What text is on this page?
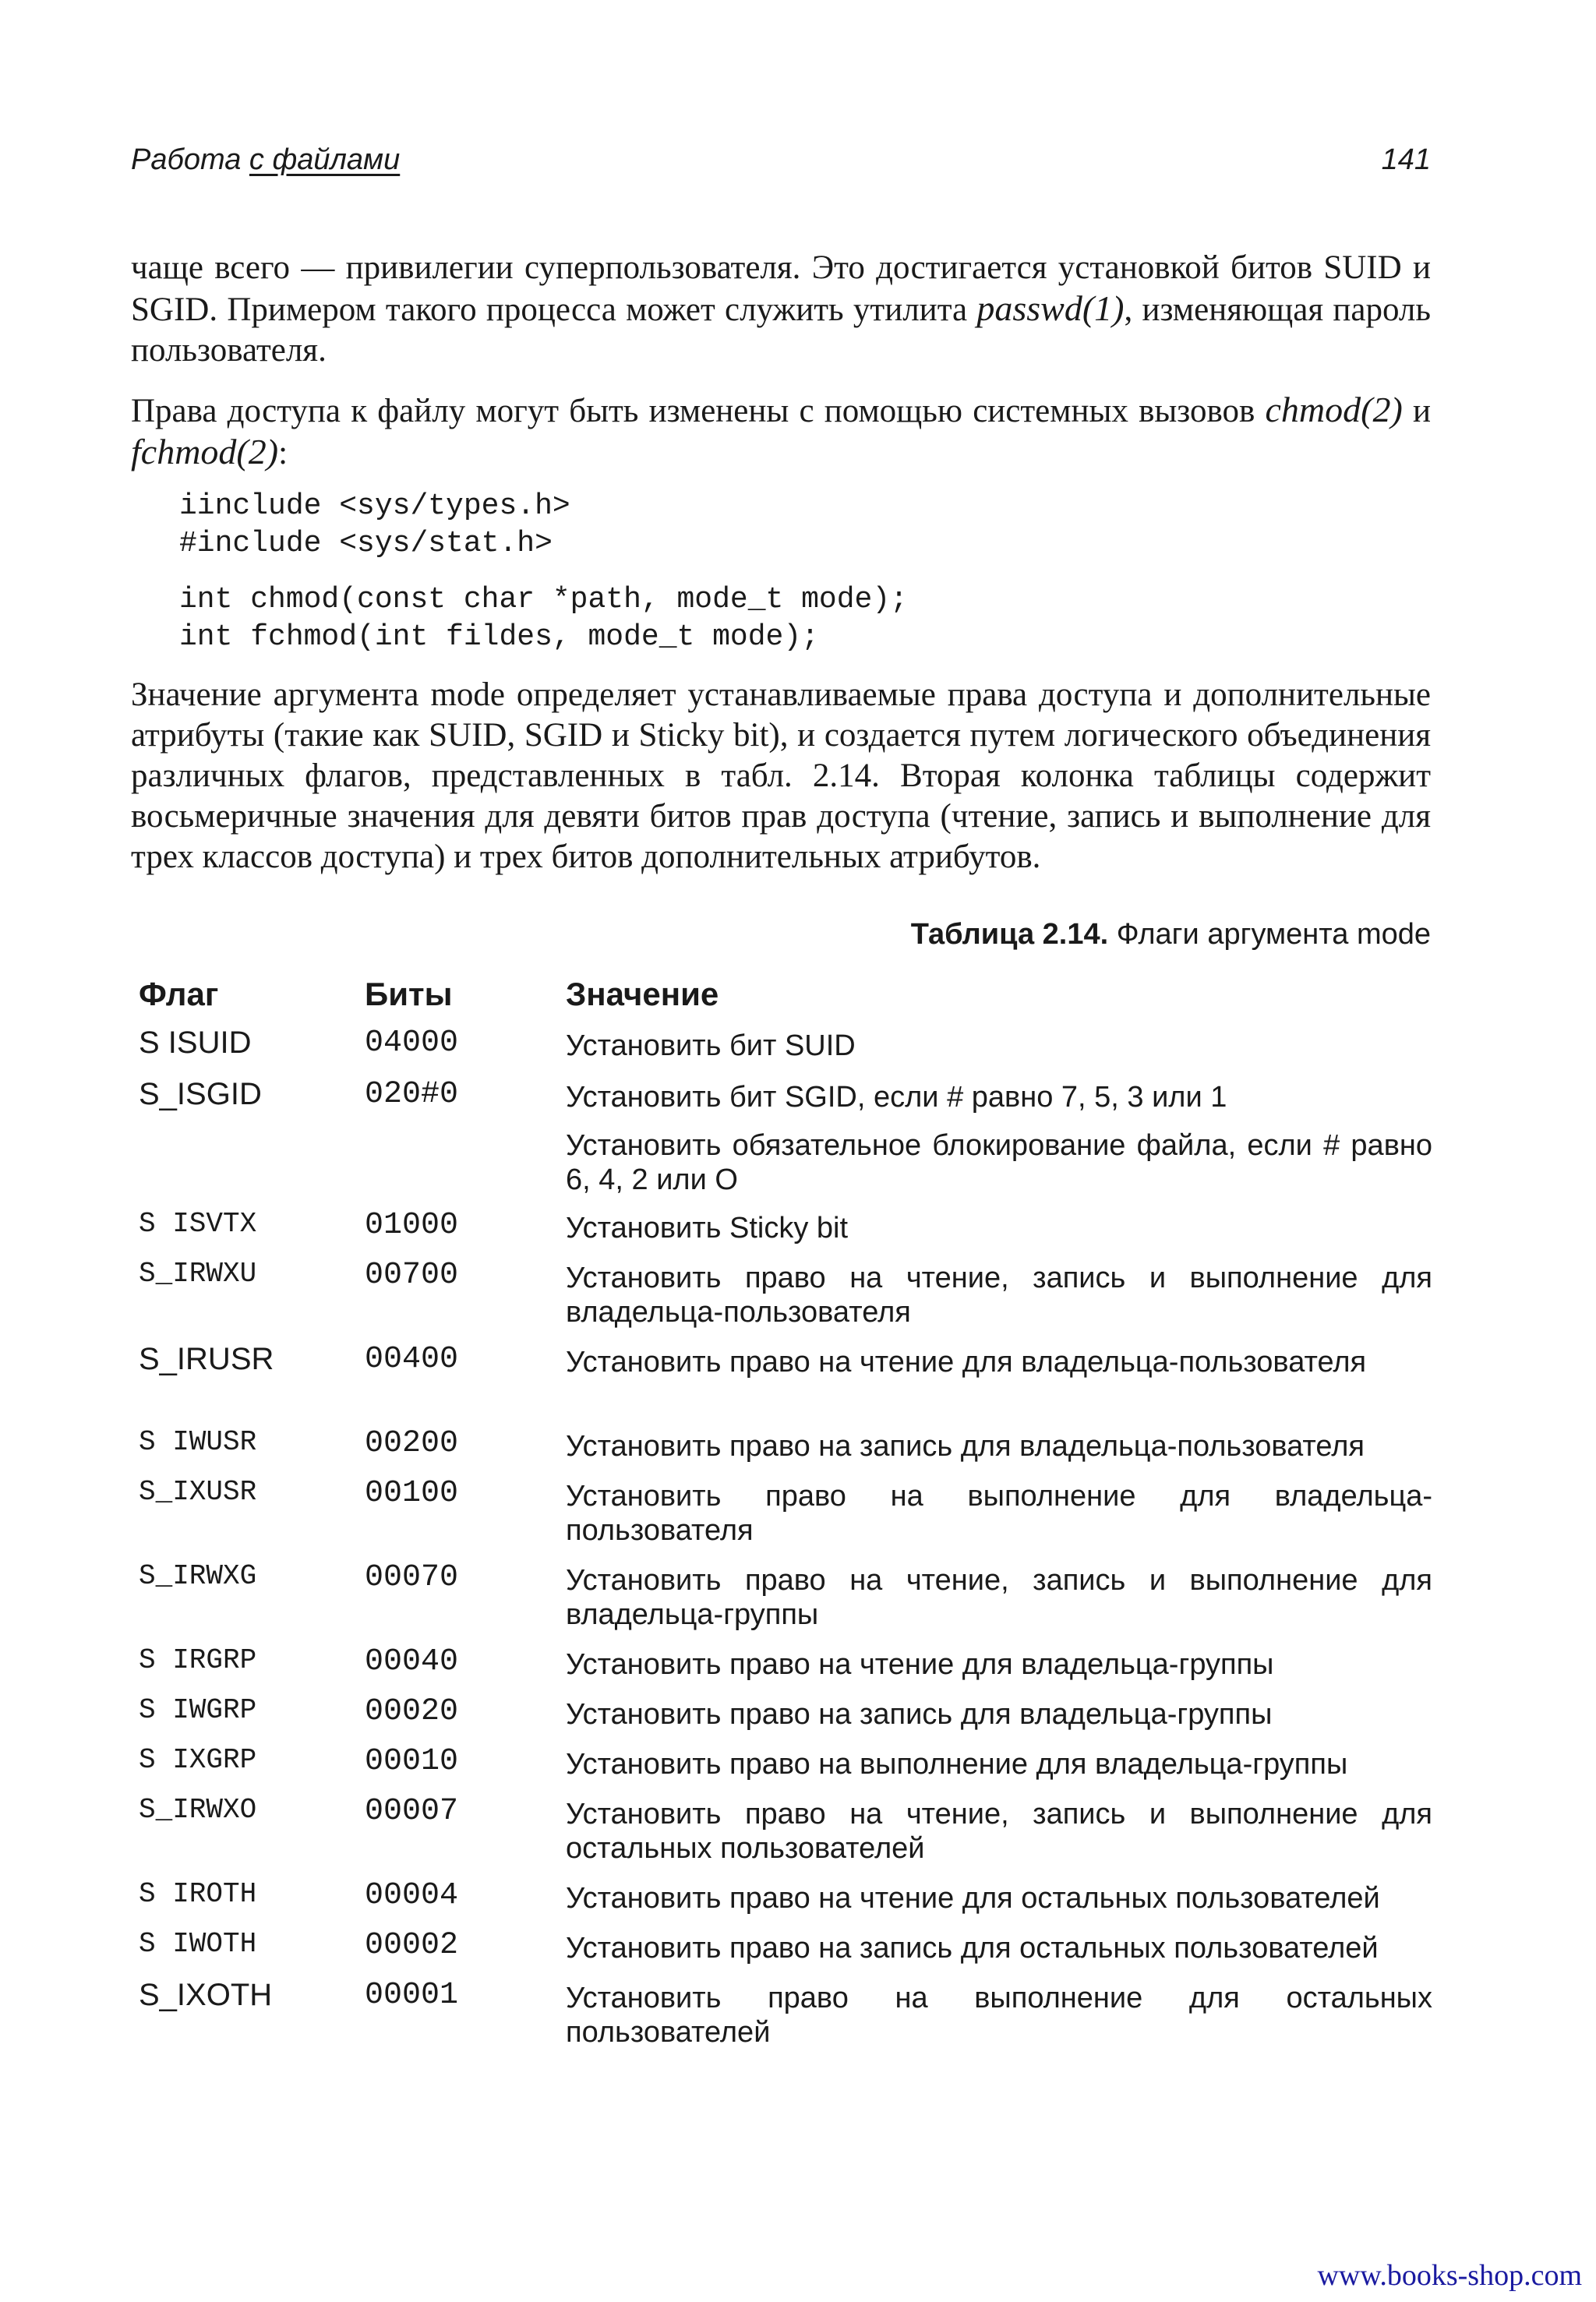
Работа с файлами	141

чаще всего — привилегии суперпользователя. Это достигается установкой битов SUID и SGID. Примером такого процесса может служить утилита passwd(1), изменяющая пароль пользователя.

Права доступа к файлу могут быть изменены с помощью системных вызовов chmod(2) и fchmod(2):

iinclude <sys/types.h>
#include <sys/stat.h>
int chmod(const char *path, mode_t mode);
int fchmod(int fildes, mode_t mode);

Значение аргумента mode определяет устанавливаемые права доступа и дополнительные атрибуты (такие как SUID, SGID и Sticky bit), и создается путем логического объединения различных флагов, представленных в табл. 2.14. Вторая колонка таблицы содержит восьмеричные значения для девяти битов прав доступа (чтение, запись и выполнение для трех классов доступа) и трех битов дополнительных атрибутов.

Таблица 2.14. Флаги аргумента mode
Флаг	Биты	Значение
S ISUID	04000	Установить бит SUID
S_ISGID	020#0	Установить бит SGID, если # равно 7, 5, 3 или 1
Установить обязательное блокирование файла, если # равно 6, 4, 2 или О
S ISVTX	01000	Установить Sticky bit
S_IRWXU	00700	Установить право на чтение, запись и выполнение для владельца-пользователя
S_IRUSR	00400	Установить право на чтение для владельца-пользователя
S IWUSR	00200	Установить право на запись для владельца-пользователя
S_IXUSR	00100	Установить право на выполнение для владельца-пользователя
S_IRWXG	00070	Установить право на чтение, запись и выполнение для владельца-группы
S IRGRP	00040	Установить право на чтение для владельца-группы
S IWGRP	00020	Установить право на запись для владельца-группы
S IXGRP	00010	Установить право на выполнение для владельца-группы
S_IRWXO	00007	Установить право на чтение, запись и выполнение для остальных пользователей
S IROTH	00004	Установить право на чтение для остальных пользователей
S IWOTH	00002	Установить право на запись для остальных пользователей
S_IXOTH	00001	Установить право на выполнение для остальных пользователей
www.books-shop.com
